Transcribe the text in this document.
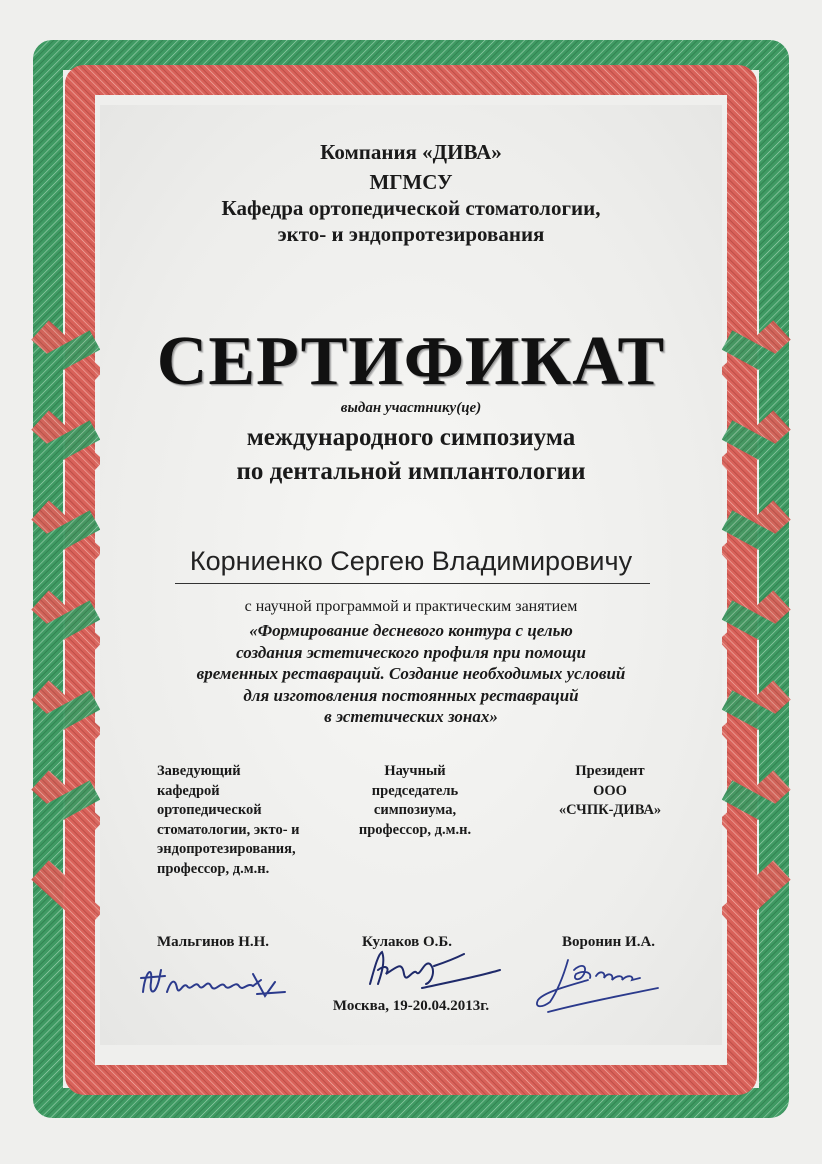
Компания «ДИВА»

МГМСУ

Кафедра ортопедической стоматологии,

экто- и эндопротезирования

СЕРТИФИКАТ

выдан участнику(це)

международного симпозиума

по дентальной имплантологии

Корниенко Сергею Владимировичу

с научной программой и практическим занятием

«Формирование десневого контура с целью

создания эстетического профиля при помощи

временных реставраций. Создание необходимых условий

для изготовления постоянных реставраций

в эстетических зонах»

Заведующий
кафедрой
ортопедической
стоматологии, экто- и
эндопротезирования,
профессор, д.м.н.
Научный
председатель
симпозиума,
профессор, д.м.н.
Президент
ООО
«СЧПК-ДИВА»
Мальгинов Н.Н.	Кулаков О.Б.	Воронин И.А.

Москва, 19-20.04.2013г.
